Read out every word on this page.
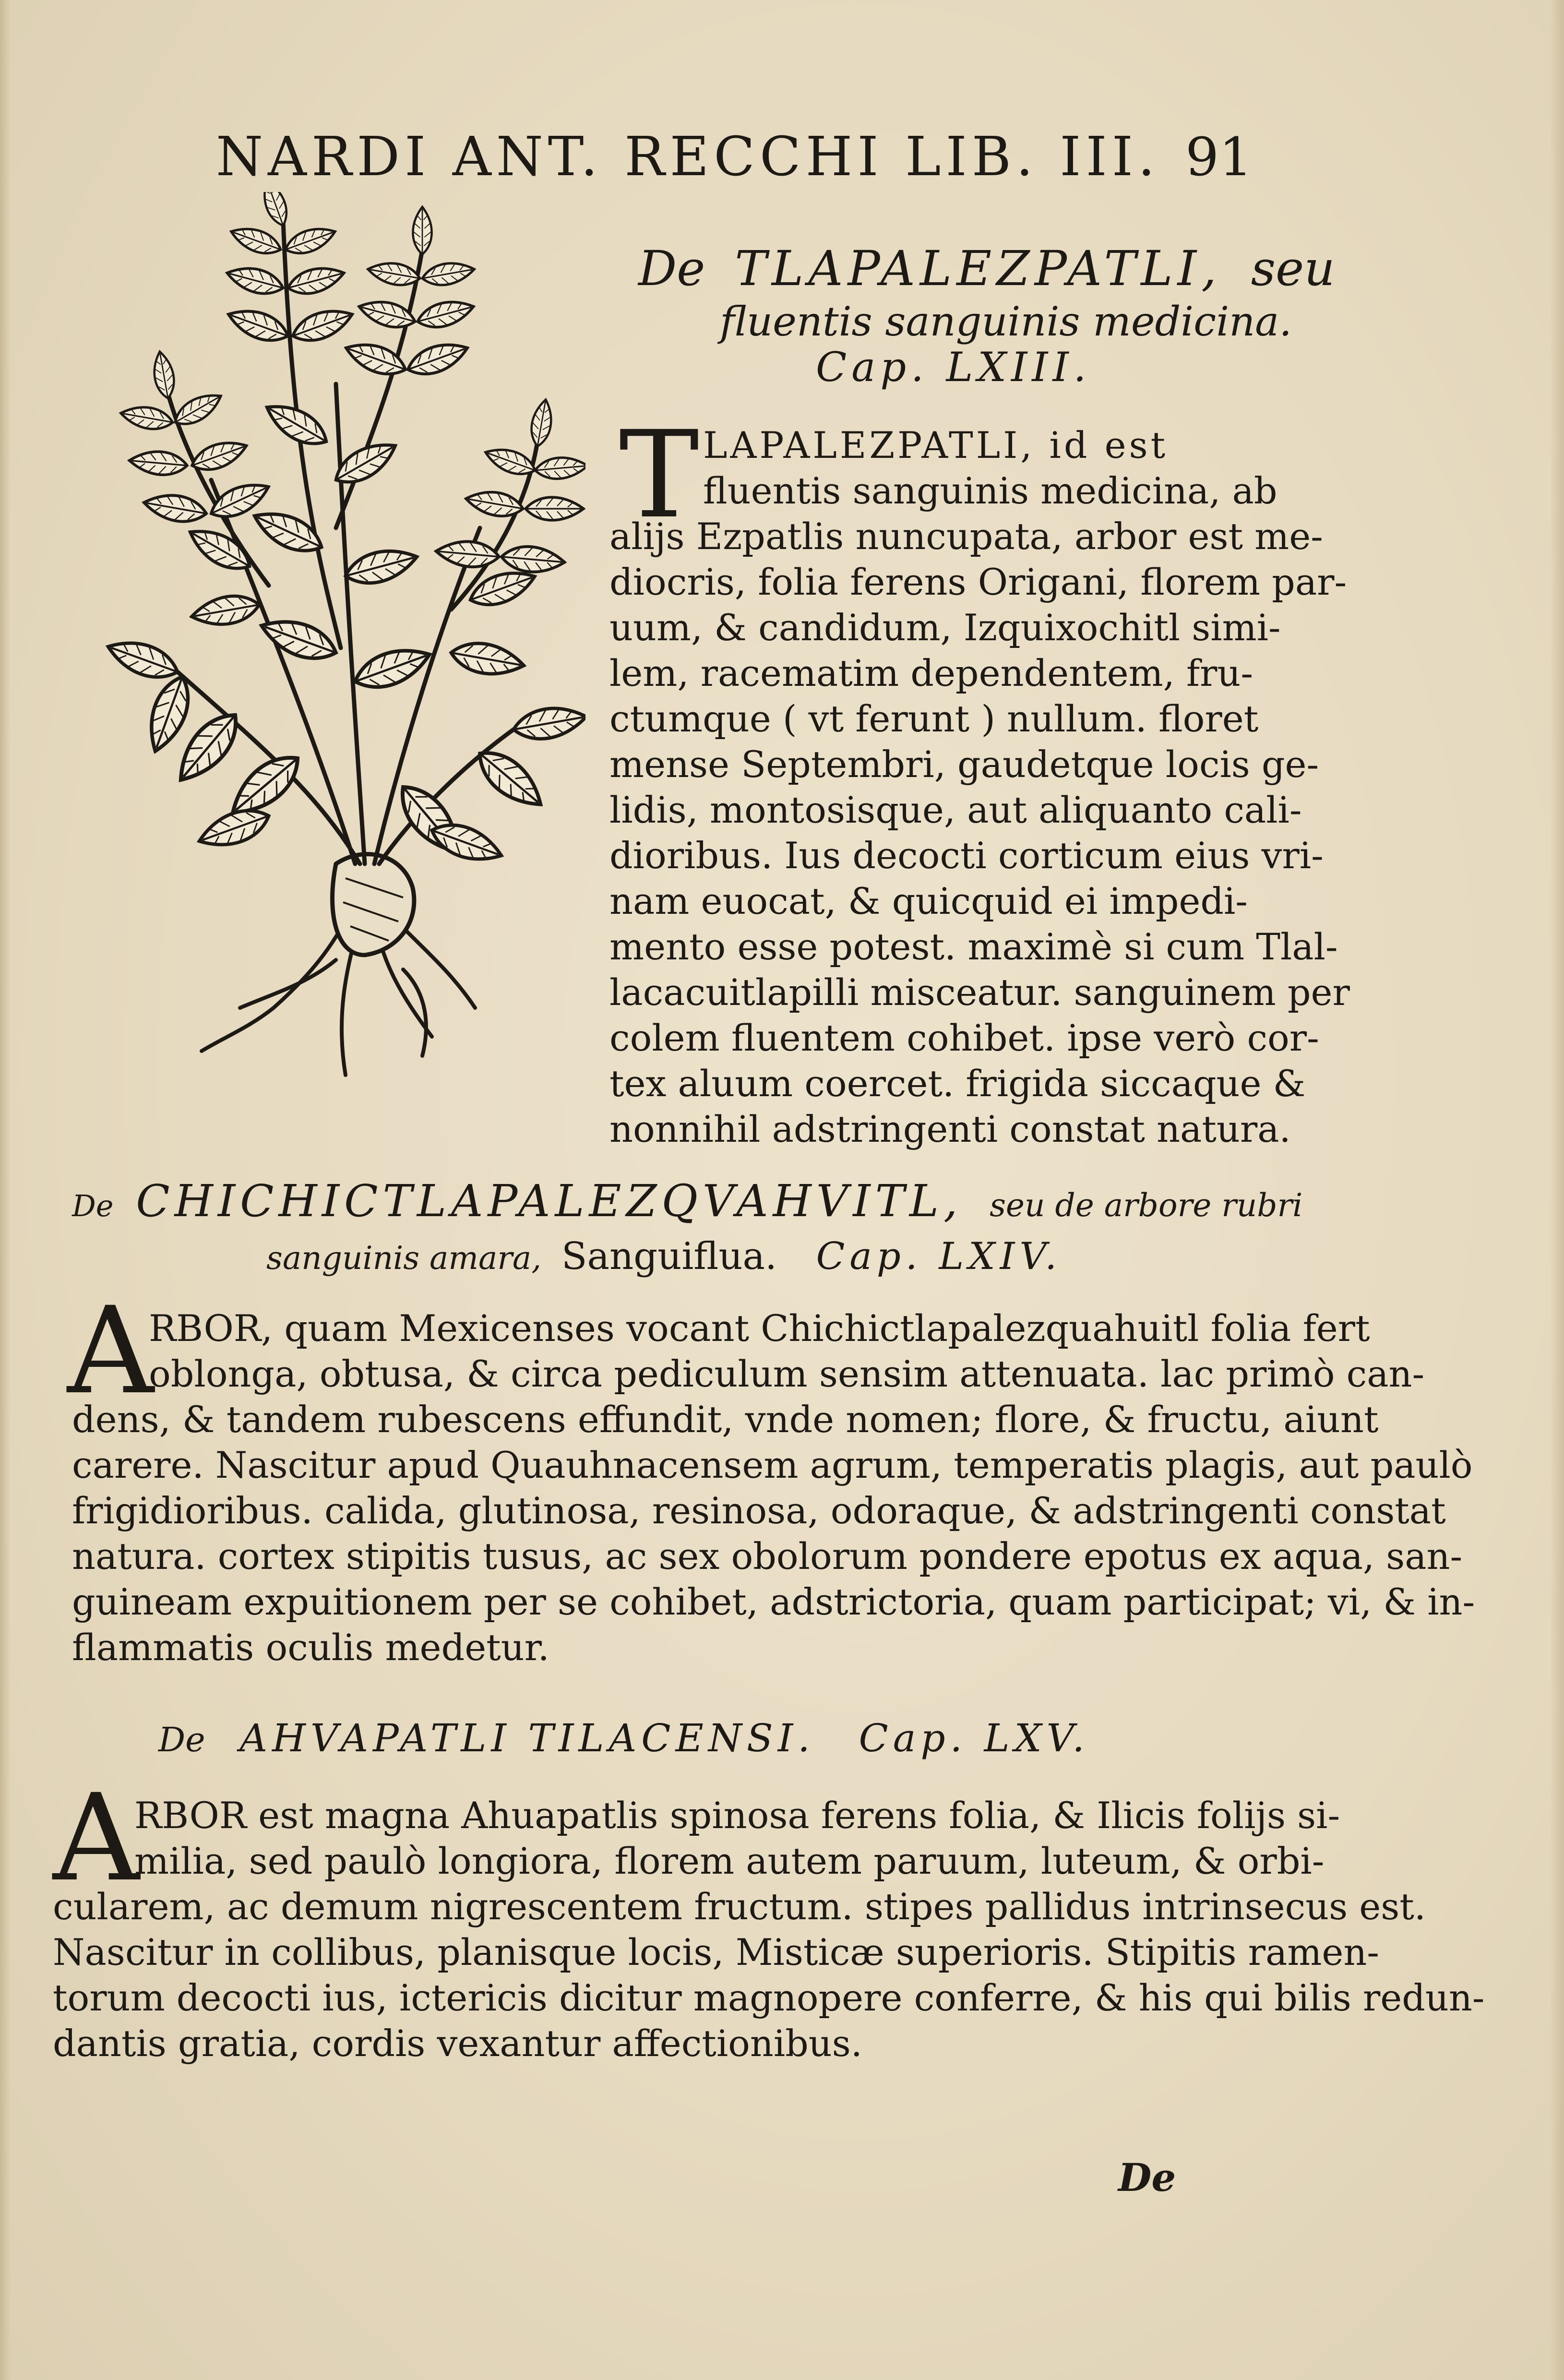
NARDI ANT. RECCHI LIB. III. 91
De TLAPALEZPATLI, seu
fluentis sanguinis medicina.
Cap. LXIII.
T LAPALEZPATLI, id est
fluentis sanguinis medicina, ab
alijs Ezpatlis nuncupata, arbor est me-
diocris, folia ferens Origani, florem par-
uum, & candidum, Izquixochitl simi-
lem, racematim dependentem, fru-
ctumque ( vt ferunt ) nullum. floret
mense Septembri, gaudetque locis ge-
lidis, montosisque, aut aliquanto cali-
dioribus. Ius decocti corticum eius vri-
nam euocat, & quicquid ei impedi-
mento esse potest. maximè si cum Tlal-
lacacuitlapilli misceatur. sanguinem per
colem fluentem cohibet. ipse verò cor-
tex aluum coercet. frigida siccaque &
nonnihil adstringenti constat natura.
De CHICHICTLAPALEZQVAHVITL, seu de arbore rubri
sanguinis amara, Sanguiflua. Cap. LXIV.
A
RBOR, quam Mexicenses vocant Chichictlapalezquahuitl folia fert
oblonga, obtusa, & circa pediculum sensim attenuata. lac primò can-
dens, & tandem rubescens effundit, vnde nomen; flore, & fructu, aiunt
carere. Nascitur apud Quauhnacensem agrum, temperatis plagis, aut paulò
frigidioribus. calida, glutinosa, resinosa, odoraque, & adstringenti constat
natura. cortex stipitis tusus, ac sex obolorum pondere epotus ex aqua, san-
guineam expuitionem per se cohibet, adstrictoria, quam participat; vi, & in-
flammatis oculis medetur.
De AHVAPATLI TILACENSI. Cap. LXV.
A
RBOR est magna Ahuapatlis spinosa ferens folia, & Ilicis folijs si-
milia, sed paulò longiora, florem autem paruum, luteum, & orbi-
cularem, ac demum nigrescentem fructum. stipes pallidus intrinsecus est.
Nascitur in collibus, planisque locis, Misticæ superioris. Stipitis ramen-
torum decocti ius, ictericis dicitur magnopere conferre, & his qui bilis redun-
dantis gratia, cordis vexantur affectionibus.
De
